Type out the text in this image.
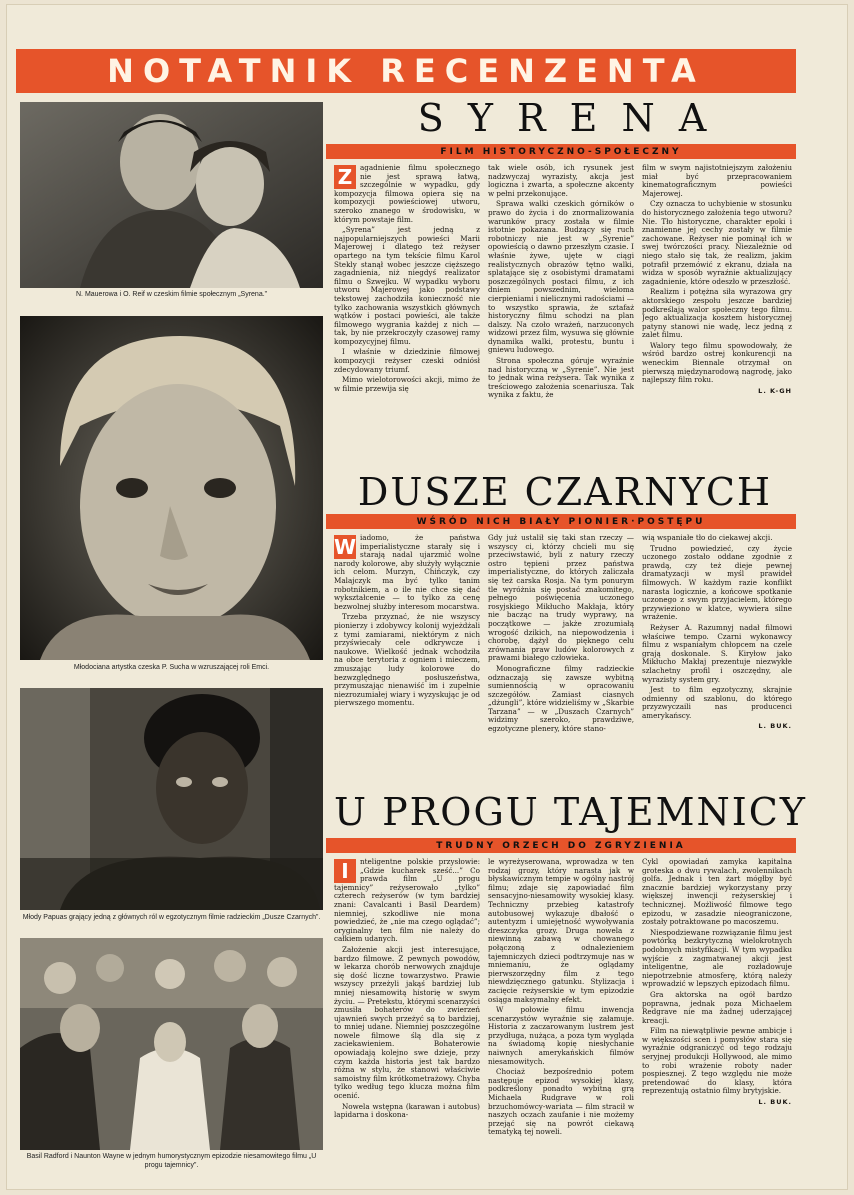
NOTATNIK RECENZENTA
N. Mauerowa i O. Reif w czeskim filmie społecznym „Syrena.”
Młodociana artystka czeska P. Sucha w wzruszającej roli Emci.
Młody Papuas grający jedną z głównych ról w egzotycznym filmie radzieckim „Dusze Czarnych”.
Basil Radford i Naunton Wayne w jednym humorystycznym epizodzie niesamowitego filmu „U progu tajemnicy”.
S Y R E N A
FILM HISTORYCZNO-SPOŁECZNY

Z	agadnienie filmu społecznego nie jest sprawą łatwą, szczególnie w wypadku, gdy kompozycja filmowa opiera się na kompozycji powieściowej utworu, szeroko znanego w środowisku, w którym powstaje film.

„Syrena” jest jedną z najpopularniejszych powieści Marii Majerowej i dlatego też reżyser opartego na tym tekście filmu Karol Stekly stanął wobec jeszcze cięższego zagadnienia, niż niegdyś realizator filmu o Szwejku. W wypadku wyboru utworu Majerowej jako podstawy tekstowej zachodziła konieczność nie tylko zachowania wszystkich głównych wątków i postaci powieści, ale także filmowego wygrania każdej z nich — tak, by nie przekroczyły czasowej ramy kompozycyjnej filmu.

I właśnie w dziedzinie filmowej kompozycji reżyser czeski odniósł zdecydowany triumf.

Mimo wielotorowości akcji, mimo że w filmie przewija się

tak wiele osób, ich rysunek jest nadzwyczaj wyrazisty, akcja jest logiczna i zwarta, a społeczne akcenty w pełni przekonujące.

Sprawa walki czeskich górników o prawo do życia i do znormalizowania warunków pracy została w filmie istotnie pokazana. Budzący się ruch robotniczy nie jest w „Syrenie” opowieścią o dawno przeszłym czasie. I właśnie żywe, ujęte w ciągi realistycznych obrazów tętno walki, splatające się z osobistymi dramatami poszczególnych postaci filmu, z ich dniem powszednim, wieloma cierpieniami i nielicznymi radościami — to wszystko sprawia, że sztafaż historyczny filmu schodzi na plan dalszy. Na czoło wrażeń, narzuconych widzowi przez film, wysuwa się głównie dynamika walki, protestu, buntu i gniewu ludowego.

Strona społeczna góruje wyraźnie nad historyczną w „Syrenie”. Nie jest to jednak wina reżysera. Tak wynika z treściowego założenia scenariusza. Tak wynika z faktu, że

film w swym najistotniejszym założeniu miał być przepracowaniem kinematograficznym powieści Majerowej.

Czy oznacza to uchybienie w stosunku do historycznego założenia tego utworu? Nie. Tło historyczne, charakter epoki i znamienne jej cechy zostały w filmie zachowane. Reżyser nie pominął ich w swej twórczości pracy. Niezależnie od niego stało się tak, że realizm, jakim potrafił przemówić z ekranu, działa na widza w sposób wyraźnie aktualizujący zagadnienie, które odeszło w przeszłość.

Realizm i potężna siła wyrazowa gry aktorskiego zespołu jeszcze bardziej podkreślają walor społeczny tego filmu. Jego aktualizacja kosztem historycznej patyny stanowi nie wadę, lecz jedną z zalet filmu.

Walory tego filmu spowodowały, że wśród bardzo ostrej konkurencji na weneckim Biennale otrzymał on pierwszą międzynarodową nagrodę, jako najlepszy film roku.

L. K-GH
DUSZE CZARNYCH
WŚRÓD NICH BIAŁY PIONIER·POSTĘPU

W iadomo, że państwa imperialistyczne starały się i starają nadal ujarzmić wolne narody kolorowe, aby służyły wyłącznie ich celom. Murzyn, Chińczyk, czy Malajczyk ma być tylko tanim robotnikiem, a o ile nie chce się dać wykształcenie — to tylko za cenę bezwolnej służby interesom mocarstwa.

Trzeba przyznać, że nie wszyscy pionierzy i zdobywcy kolonij wyjeżdżali z tymi zamiarami, niektórym z nich przyświecały cele odkrywcze i naukowe. Wielkość jednak wchodziła na obce terytoria z ogniem i mieczem, zmuszając ludy kolorowe do bezwzględnego posłuszeństwa, przymuszając nienawiść im i zupełnie niezrozumiałej wiary i wyzyskując je od pierwszego momentu.

Gdy już ustalił się taki stan rzeczy — wszyscy ci, którzy chcieli mu się przeciwstawić, byli z natury rzeczy ostro tępieni przez państwa imperialistyczne, do których zaliczała się też carska Rosja. Na tym ponurym tle wyróżnia się postać znakomitego, pełnego poświęcenia uczonego rosyjskiego Mikłucho Makłaja, który nie bacząc na trudy wyprawy, na początkowe — jakże zrozumiałą wrogość dzikich, na niepowodzenia i chorobę, dążył do pięknego celu zrównania praw ludów kolorowych z prawami białego człowieka.

Monograficzne filmy radzieckie odznaczają się zawsze wybitną sumiennością w opracowaniu szczegółów. Zamiast ciasnych „dżungli”, które widzieliśmy w „Skarbie Tarzana” — w „Duszach Czarnych” widzimy szeroko, prawdziwe, egzotyczne plenery, które stano-

wią wspaniałe tło do ciekawej akcji.

Trudno powiedzieć, czy życie uczonego zostało oddane zgodnie z prawdą, czy też dieje pewnej dramatyzacji w myśl prawideł filmowych. W każdym razie konflikt narasta logicznie, a końcowe spotkanie uczonego z swym przyjacielem, którego przywieziono w klatce, wywiera silne wrażenie.

Reżyser A. Razumnyj nadał filmowi właściwe tempo. Czarni wykonawcy filmu z wspaniałym chłopcem na czele grają doskonale. S. Kiryłow jako Mikłucho Makłaj prezentuje niezwykłe szlachetny profil i oszczędny, ale wyrazisty system gry.

Jest to film egzotyczny, skrajnie odmienny od szablonu, do którego przyzwyczaili nas producenci amerykańscy.

L. BUK.
U PROGU TAJEMNICY
TRUDNY ORZECH DO ZGRYZIENIA

I	nteligentne polskie przysłowie: „Gdzie kucharek sześć...” Co prawda film „U progu tajemnicy” reżyserowało „tylko” czterech reżyserów (w tym bardziej znani: Cavalcanti i Basil Deardem) niemniej, szkodliwe nie mona powiedzieć, że „nie ma czego oglądać”; oryginalny ten film nie należy do całkiem udanych.

Założenie akcji jest interesujące, bardzo filmowe. Z pewnych powodów, w lekarza chorób nerwowych znajduje się dość liczne towarzystwo. Prawie wszyscy przeżyli jakąś bardziej lub mniej niesamowitą historię w swym życiu. — Pretekstu, którymi scenarzyści zmusiła bohaterów do zwierzeń ujawnień swych przeżyć są to bardziej, to mniej udane. Niemniej poszczególne nowele filmowe ślą dla się z zaciekawieniem. Bohaterowie opowiadają kolejno swe dzieje, przy czym każda historia jest tak bardzo różna w stylu, że stanowi właściwie samoistny film krótkometrażowy. Chyba tylko według tego klucza można film ocenić.

Nowela wstępna (karawan i autobus) lapidarna i doskona-

le wyreżyserowana, wprowadza w ten rodzaj grozy, który narasta jak w błyskawicznym tempie w ogólny nastrój filmu; zdaje się zapowiadać film sensacyjno-niesamowity wysokiej klasy. Techniczny przebieg katastrofy autobusowej wykazuje dbałość o autentyzm i umiejętność wywoływania dreszczyka grozy. Druga nowela z niewinną zabawą w chowanego połączoną z odnalezieniem tajemniczych dzieci podtrzymuje nas w mniemaniu, że oglądamy pierwszorzędny film z tego niewdzięcznego gatunku. Stylizacja i zacięcie reżyserskie w tym epizodzie osiąga maksymalny efekt.

W połowie filmu inwencja scenarzystów wyraźnie się załamuje. Historia z zaczarowanym lustrem jest przydługa, nużąca, a poza tym wygląda na świadomą kopię niesłychanie naiwnych amerykańskich filmów niesamowitych.

Chociaż bezpośrednio potem następuje epizod wysokiej klasy, podkreślony ponadto wybitną grą Michaela Rudgrave w roli brzuchomówcy-wariata — film stracił w naszych oczach zaufanie i nie możemy przejąć się na powrót ciekawą tematyką tej noweli.

Cykl opowiadań zamyka kapitalna groteska o dwu rywalach, zwolennikach golfa. Jednak i ten żart mógłby być znacznie bardziej wykorzystany przy większej inwencji reżyserskiej i technicznej. Możliwość filmowe tego epizodu, w zasadzie nieograniczone, zostały potraktowane po macoszemu.

Niespodziewane rozwiązanie filmu jest powtórką bezkrytyczną wielokrotnych podobnych mistyfikacji. W tym wypadku wyjście z zagmatwanej akcji jest inteligentne, ale rozładowuje niepotrzebnie atmosferę, którą należy wprowadzić w lepszych epizodach filmu.

Gra aktorska na ogół bardzo poprawna, jednak poza Michaelem Redgrave nie ma żadnej uderzającej kreacji.

Film na niewątpliwie pewne ambicje i w większości scen i pomysłów stara się wyraźnie odgraniczyć od tego rodzaju seryjnej produkcji Hollywood, ale mimo to robi wrażenie roboty nader pospiesznej. Z tego względu nie może pretendować do klasy, która reprezentują ostatnio filmy brytyjskie.

L. BUK.
